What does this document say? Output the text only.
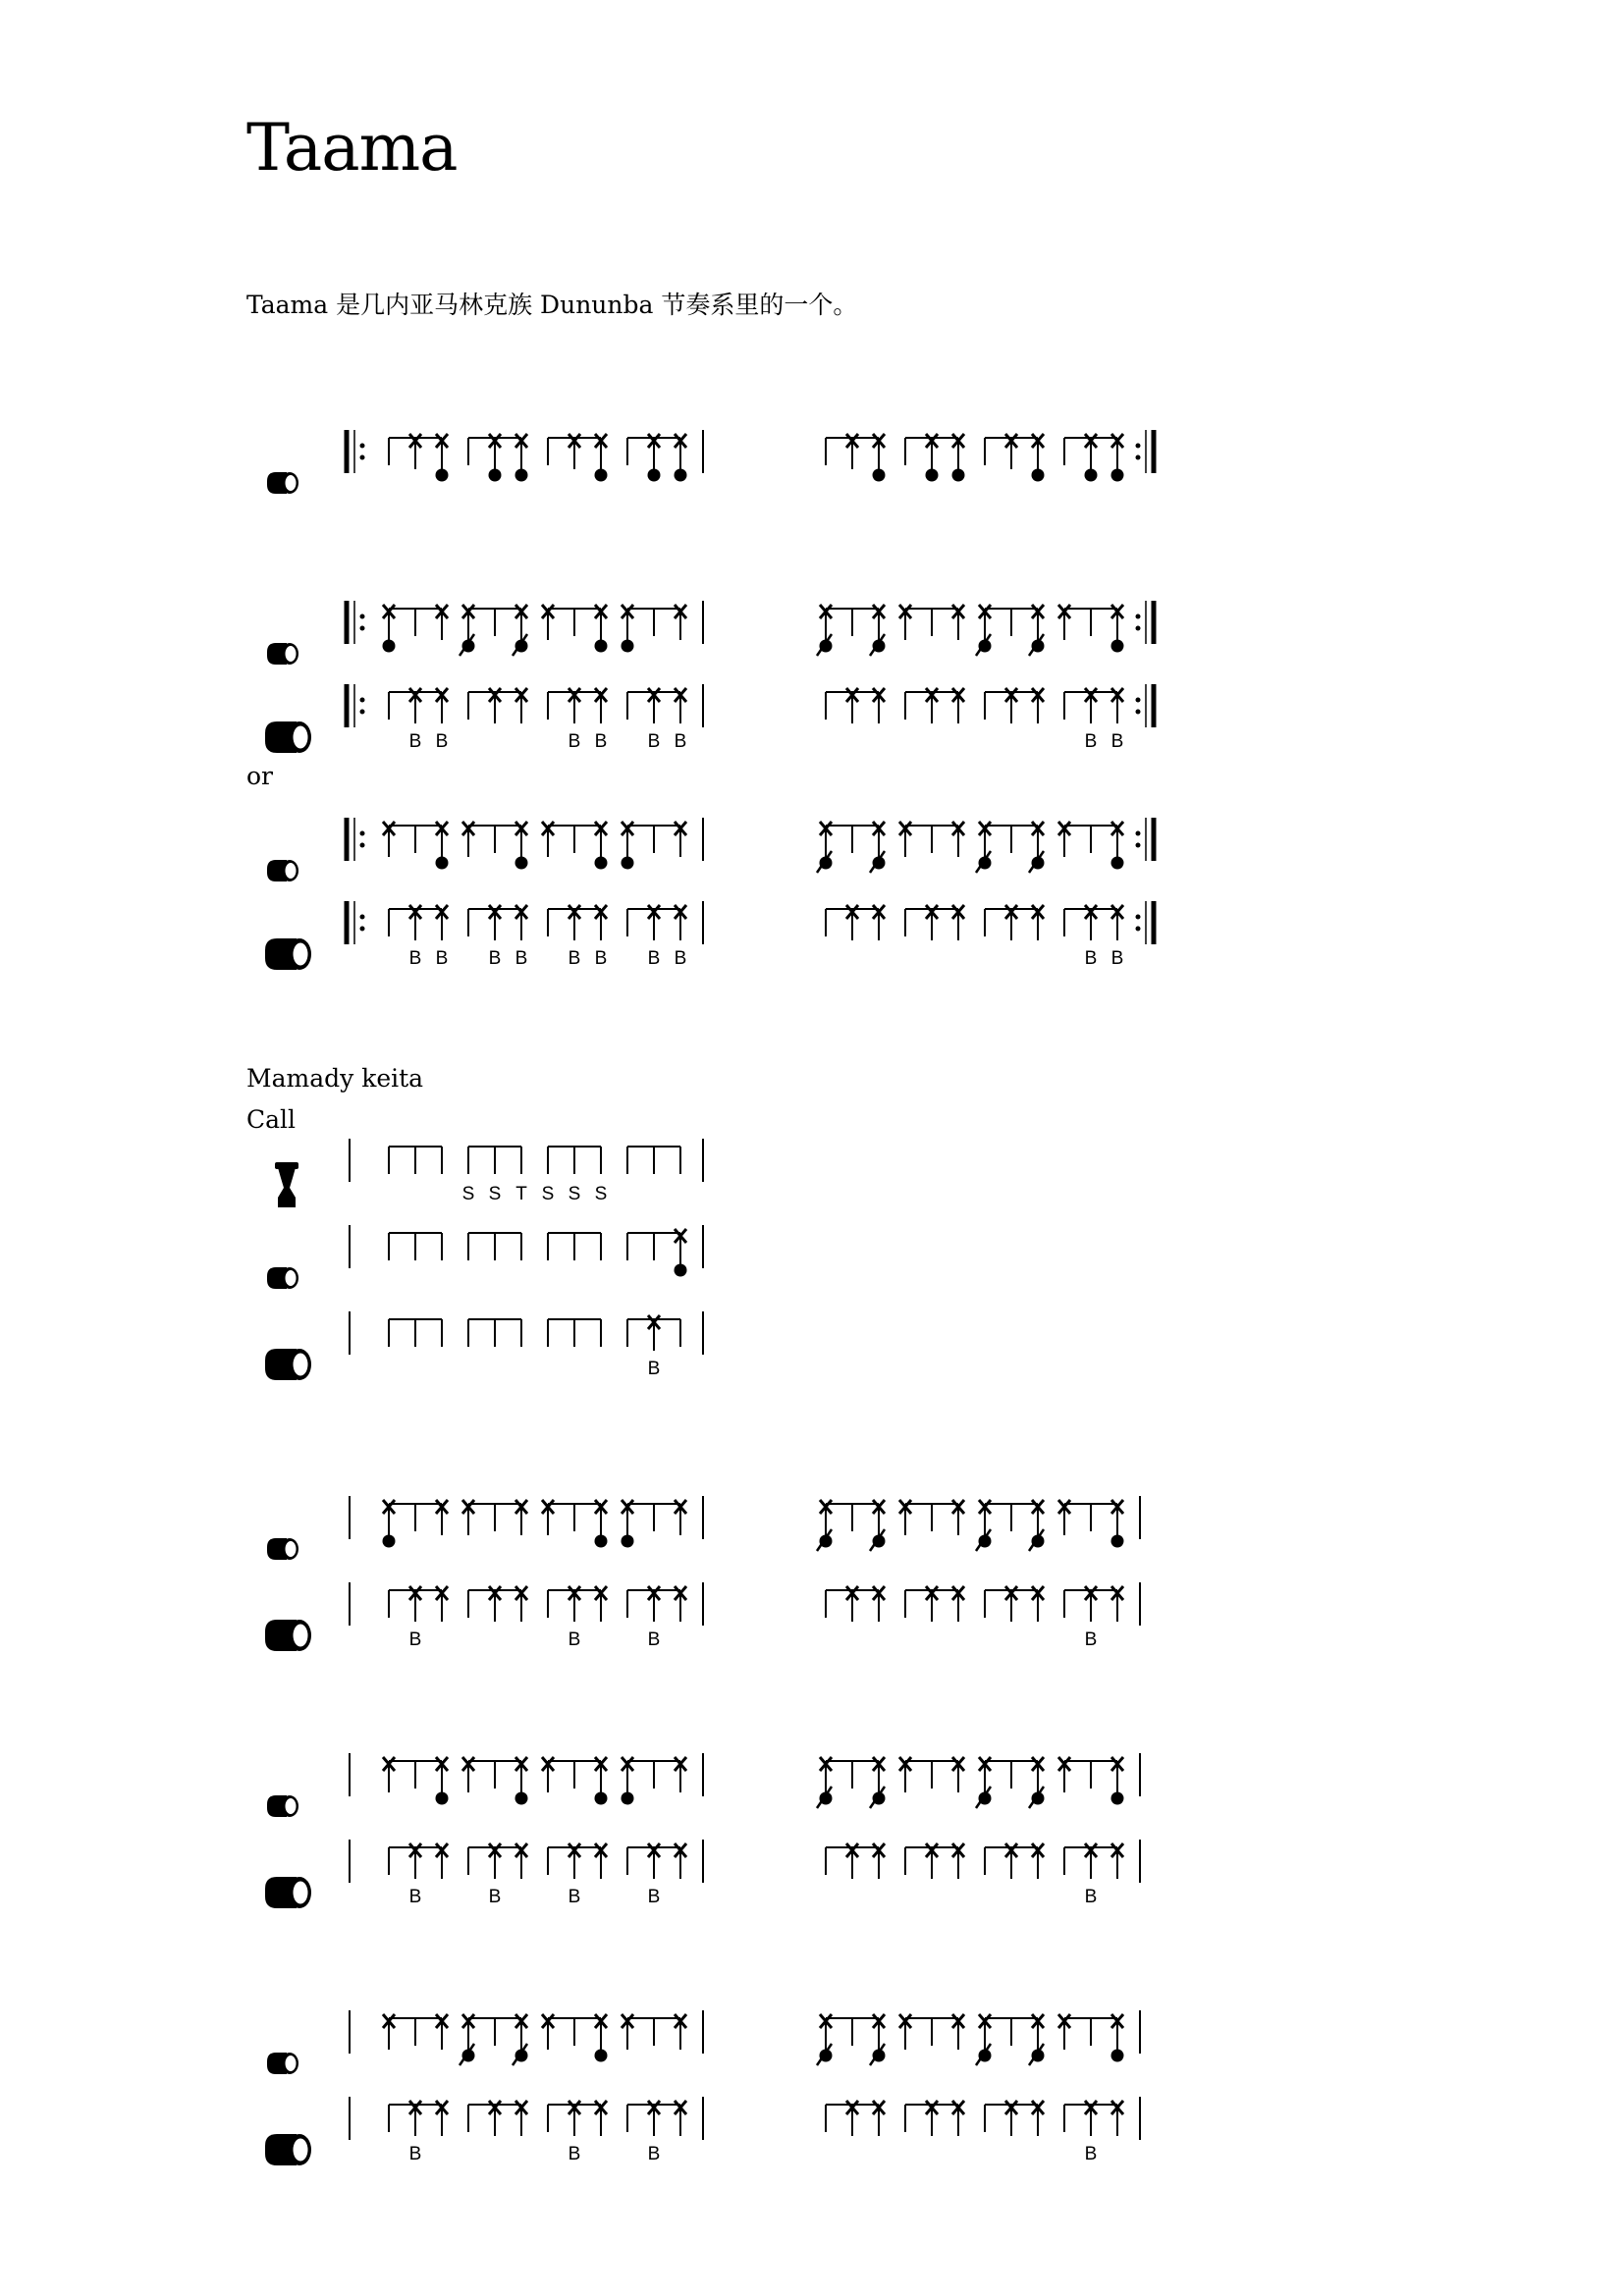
Taama
Taama 是几内亚马林克族 Dununba 节奏系里的一个。
or
Mamady keita
Call
B B	B B B B	B B
B B B B B B B B	B B
S S T S S S
B
B	B	B	B
B	B	B	B	B
B	B	B	B
